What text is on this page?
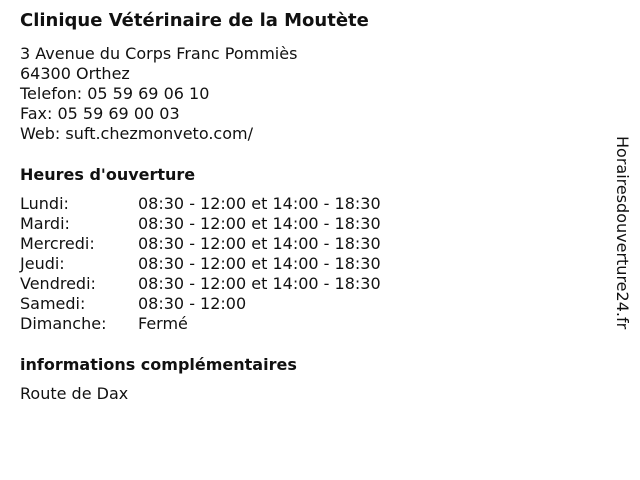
Clinique Vétérinaire de la Moutète
3 Avenue du Corps Franc Pommiès
64300 Orthez
Telefon: 05 59 69 06 10
Fax: 05 59 69 00 03
Web: suft.chezmonveto.com/
Heures d'ouverture
Lundi:	08:30 - 12:00 et 14:00 - 18:30
Mardi:	08:30 - 12:00 et 14:00 - 18:30
Mercredi:	08:30 - 12:00 et 14:00 - 18:30
Jeudi:	08:30 - 12:00 et 14:00 - 18:30
Vendredi:	08:30 - 12:00 et 14:00 - 18:30
Samedi:	08:30 - 12:00
Dimanche: Fermé
informations complémentaires
Route de Dax
Horairesdouverture24.fr
